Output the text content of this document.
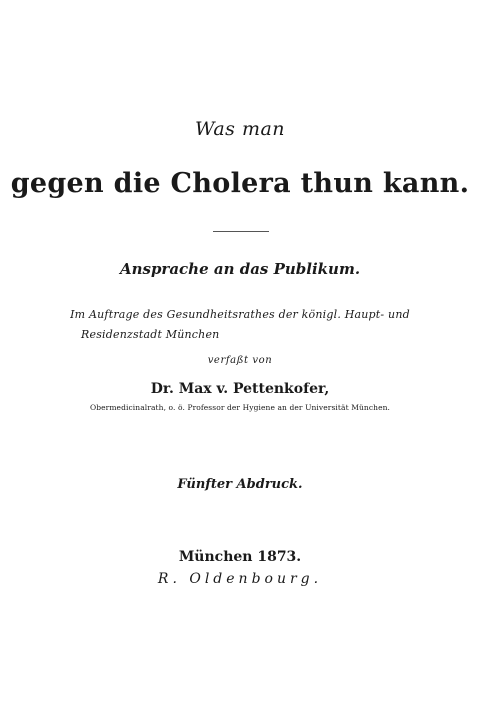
Was man
gegen die Cholera thun kann.
Ansprache an das Publikum.
Im Auftrage des Gesundheitsrathes der königl. Haupt- und
Residenzstadt München
verfaßt von
Dr. Max v. Pettenkofer,
Obermedicinalrath, o. ö. Professor der Hygiene an der Universität München.
Fünfter Abdruck.
München 1873.
R. Oldenbourg.
